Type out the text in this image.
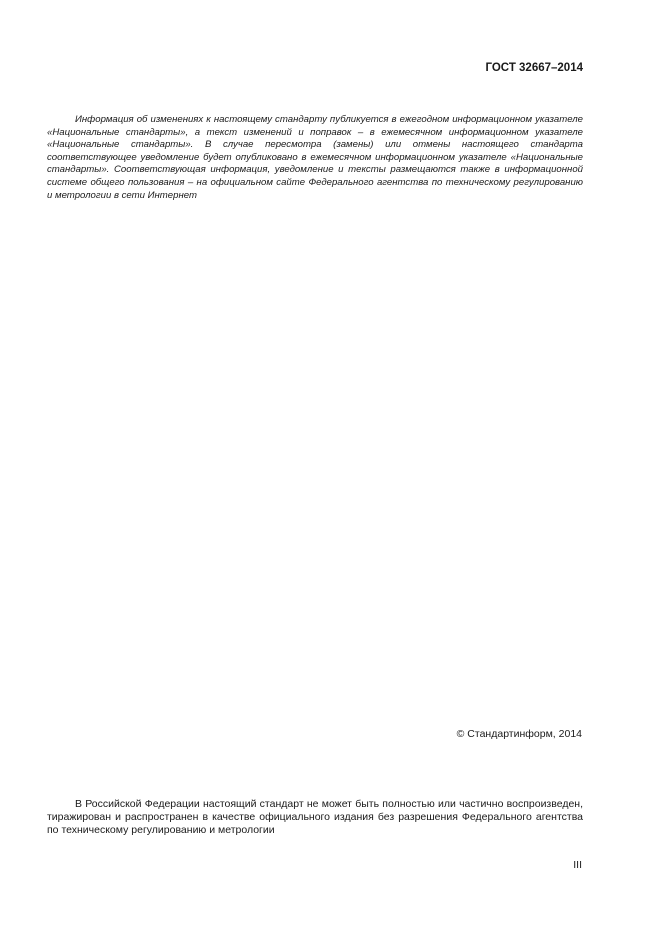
ГОСТ 32667–2014
Информация об изменениях к настоящему стандарту публикуется в ежегодном информационном указателе «Национальные стандарты», а текст изменений и поправок – в ежемесячном информационном указателе «Национальные стандарты». В случае пересмотра (замены) или отмены настоящего стандарта соответствующее уведомление будет опубликовано в ежемесячном информационном указателе «Национальные стандарты». Соответствующая информация, уведомление и тексты размещаются также в информационной системе общего пользования – на официальном сайте Федерального агентства по техническому регулированию и метрологии в сети Интернет
© Стандартинформ, 2014
В Российской Федерации настоящий стандарт не может быть полностью или частично воспроизведен, тиражирован и распространен в качестве официального издания без разрешения Федерального агентства по техническому регулированию и метрологии
III
